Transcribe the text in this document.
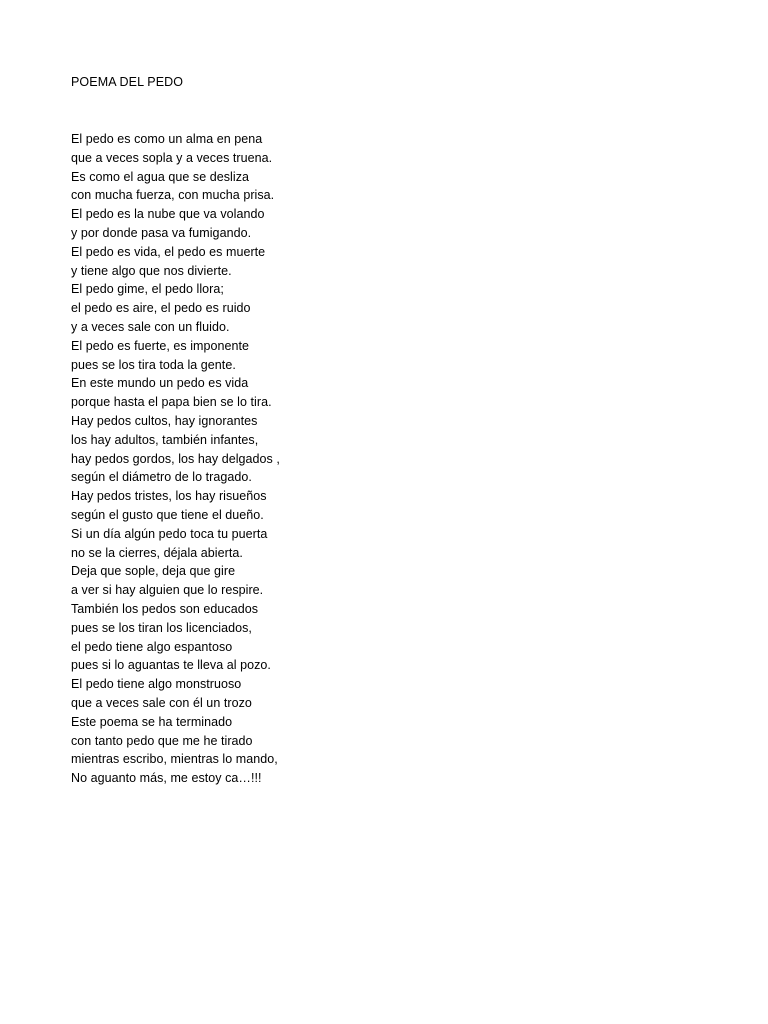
POEMA DEL PEDO
El pedo es como un alma en pena
que a veces sopla y a veces truena.
Es como el agua que se desliza
con mucha fuerza, con mucha prisa.
El pedo es la nube que va volando
y por donde pasa va fumigando.
El pedo es vida, el pedo es muerte
y tiene algo que nos divierte.
El pedo gime, el pedo llora;
el pedo es aire, el pedo es ruido
y a veces sale con un fluido.
El pedo es fuerte, es imponente
pues se los tira toda la gente.
En este mundo un pedo es vida
porque hasta el papa bien se lo tira.
Hay pedos cultos, hay ignorantes
los hay adultos, también infantes,
hay pedos gordos, los hay delgados ,
según el diámetro de lo tragado.
Hay pedos tristes, los hay risueños
según el gusto que tiene el dueño.
Si un día algún pedo toca tu puerta
no se la cierres, déjala abierta.
Deja que sople, deja que gire
a ver si hay alguien que lo respire.
También los pedos son educados
pues se los tiran los licenciados,
el pedo tiene algo espantoso
pues si lo aguantas te lleva al pozo.
El pedo tiene algo monstruoso
que a veces sale con él un trozo
Este poema se ha terminado
con tanto pedo que me he tirado
mientras escribo, mientras lo mando,
No aguanto más, me estoy ca…!!!
